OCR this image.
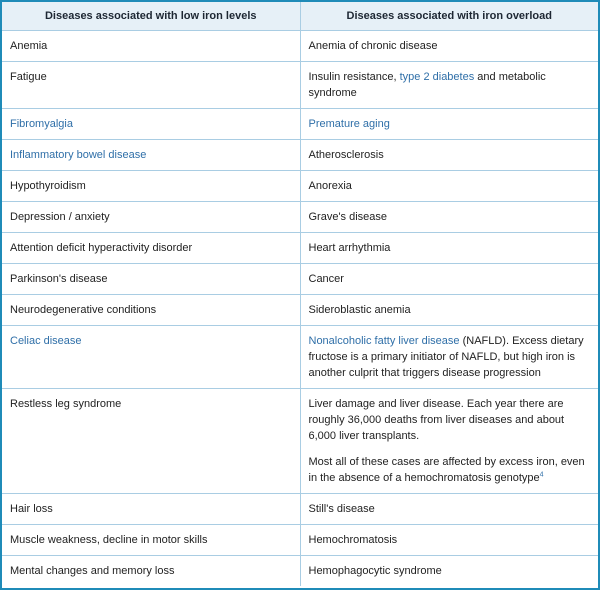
Diseases associated with low iron levels	Diseases associated with iron overload
Anemia	Anemia of chronic disease
Fatigue	Insulin resistance, type 2 diabetes and metabolic syndrome
Fibromyalgia	Premature aging
Inflammatory bowel disease	Atherosclerosis
Hypothyroidism	Anorexia
Depression / anxiety	Grave's disease
Attention deficit hyperactivity disorder	Heart arrhythmia
Parkinson's disease	Cancer
Neurodegenerative conditions	Sideroblastic anemia
Celiac disease	Nonalcoholic fatty liver disease (NAFLD). Excess dietary fructose is a primary initiator of NAFLD, but high iron is another culprit that triggers disease progression
Restless leg syndrome	Liver damage and liver disease. Each year there are roughly 36,000 deaths from liver diseases and about 6,000 liver transplants.
Most all of these cases are affected by excess iron, even in the absence of a hemochromatosis genotype$^4$

Hair loss	Still's disease
Muscle weakness, decline in motor skills	Hemochromatosis
Mental changes and memory loss	Hemophagocytic syndrome
